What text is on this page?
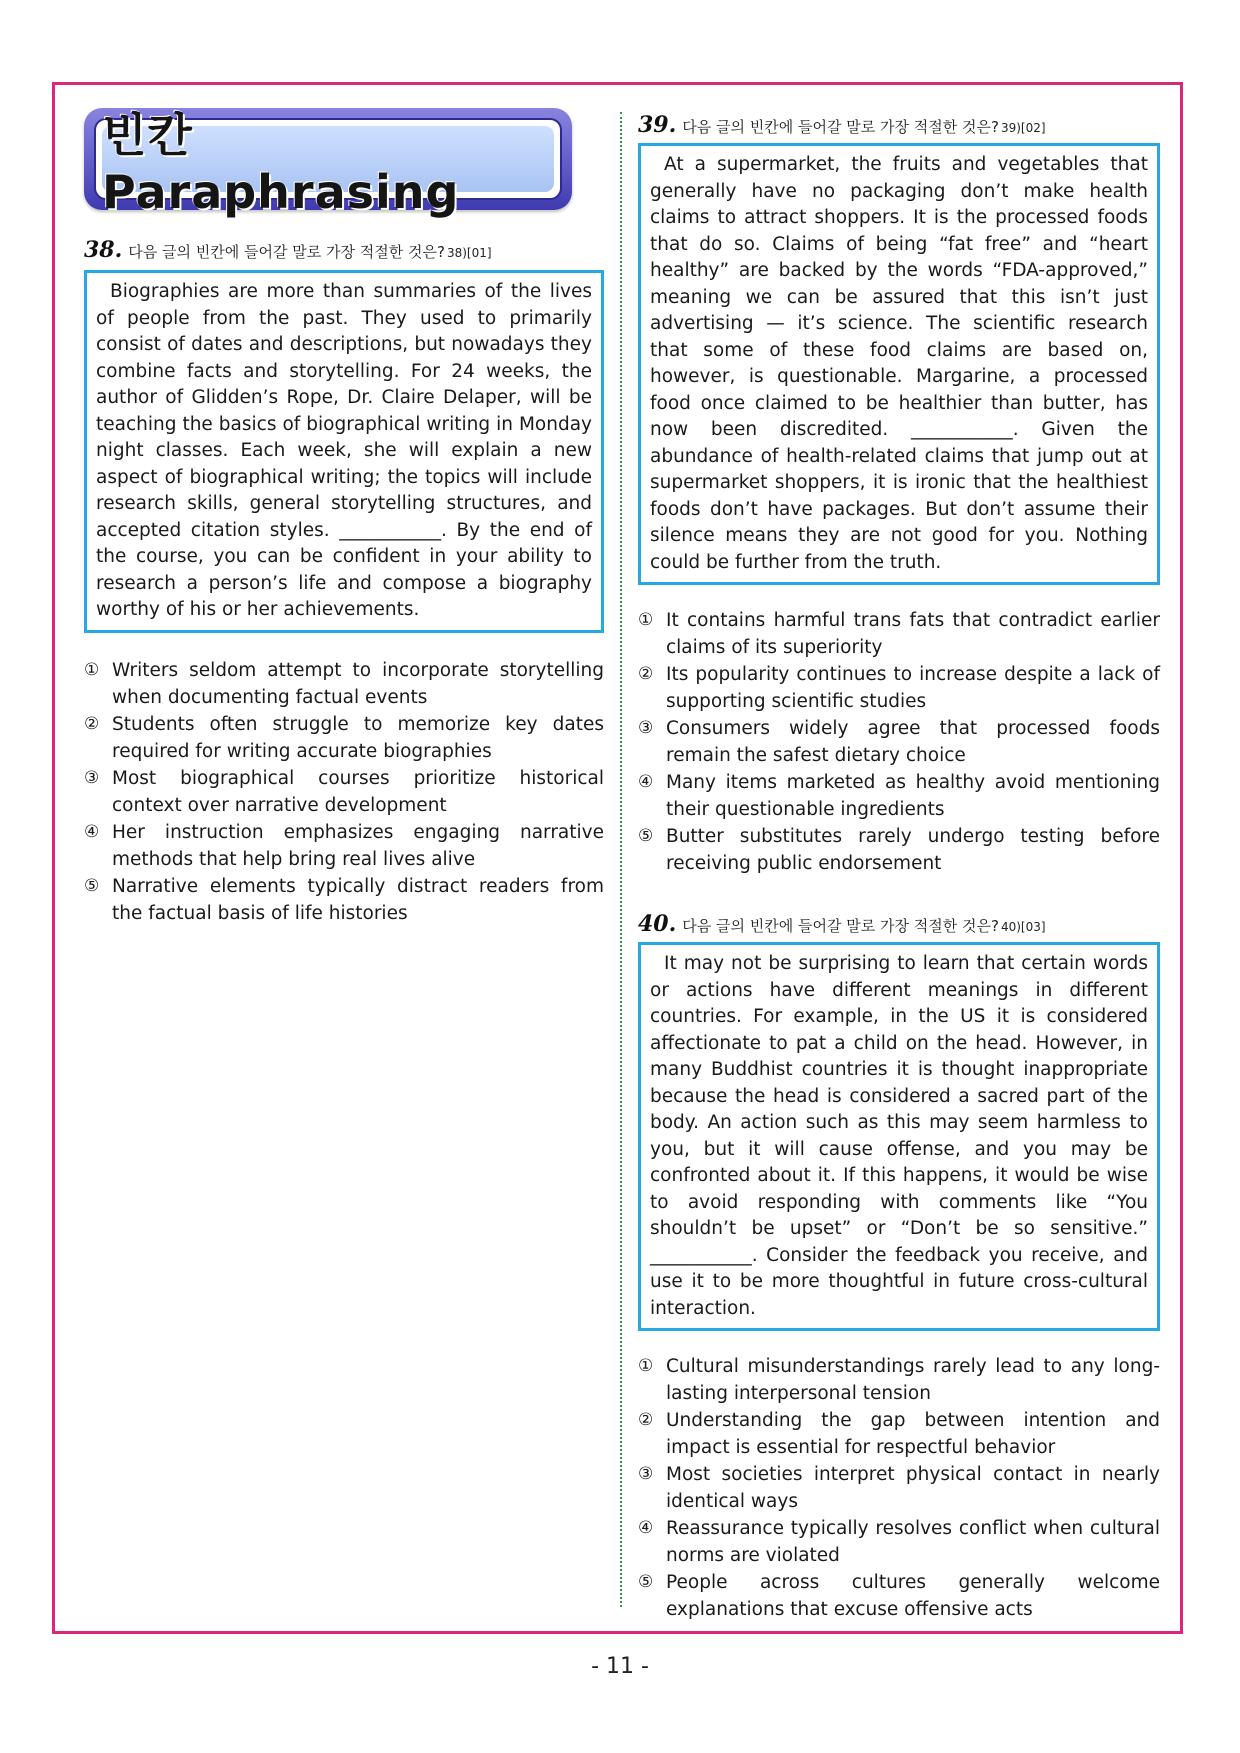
빈칸 Paraphrasing
38. 다음 글의 빈칸에 들어갈 말로 가장 적절한 것은? 38)[01]

Biographies are more than summaries of the lives of people from the past. They used to primarily consist of dates and descriptions, but nowadays they combine facts and storytelling. For 24 weeks, the author of Glidden’s Rope, Dr. Claire Delaper, will be teaching the basics of biographical writing in Monday night classes. Each week, she will explain a new aspect of biographical writing; the topics will include research skills, general storytelling structures, and accepted citation styles. ___________. By the end of the course, you can be confident in your ability to research a person’s life and compose a biography worthy of his or her achievements.

① Writers seldom attempt to incorporate storytelling when documenting factual events
② Students often struggle to memorize key dates required for writing accurate biographies
③ Most biographical courses prioritize historical context over narrative development
④ Her instruction emphasizes engaging narrative methods that help bring real lives alive
⑤ Narrative elements typically distract readers from the factual basis of life histories
39. 다음 글의 빈칸에 들어갈 말로 가장 적절한 것은? 39)[02]

At a supermarket, the fruits and vegetables that generally have no packaging don’t make health claims to attract shoppers. It is the processed foods that do so. Claims of being “fat free” and “heart healthy” are backed by the words “FDA-approved,” meaning we can be assured that this isn’t just advertising — it’s science. The scientific research that some of these food claims are based on, however, is questionable. Margarine, a processed food once claimed to be healthier than butter, has now been discredited. ___________. Given the abundance of health-related claims that jump out at supermarket shoppers, it is ironic that the healthiest foods don’t have packages. But don’t assume their silence means they are not good for you. Nothing could be further from the truth.

① It contains harmful trans fats that contradict earlier claims of its superiority
② Its popularity continues to increase despite a lack of supporting scientific studies
③ Consumers widely agree that processed foods remain the safest dietary choice
④ Many items marketed as healthy avoid mentioning their questionable ingredients
⑤ Butter substitutes rarely undergo testing before receiving public endorsement
40. 다음 글의 빈칸에 들어갈 말로 가장 적절한 것은? 40)[03]

It may not be surprising to learn that certain words or actions have different meanings in different countries. For example, in the US it is considered affectionate to pat a child on the head. However, in many Buddhist countries it is thought inappropriate because the head is considered a sacred part of the body. An action such as this may seem harmless to you, but it will cause offense, and you may be confronted about it. If this happens, it would be wise to avoid responding with comments like “You shouldn’t be upset” or “Don’t be so sensitive.” ___________. Consider the feedback you receive, and use it to be more thoughtful in future cross-cultural interaction.

① Cultural misunderstandings rarely lead to any long-lasting interpersonal tension
② Understanding the gap between intention and impact is essential for respectful behavior
③ Most societies interpret physical contact in nearly identical ways
④ Reassurance typically resolves conflict when cultural norms are violated
⑤ People across cultures generally welcome explanations that excuse offensive acts
- 11 -
